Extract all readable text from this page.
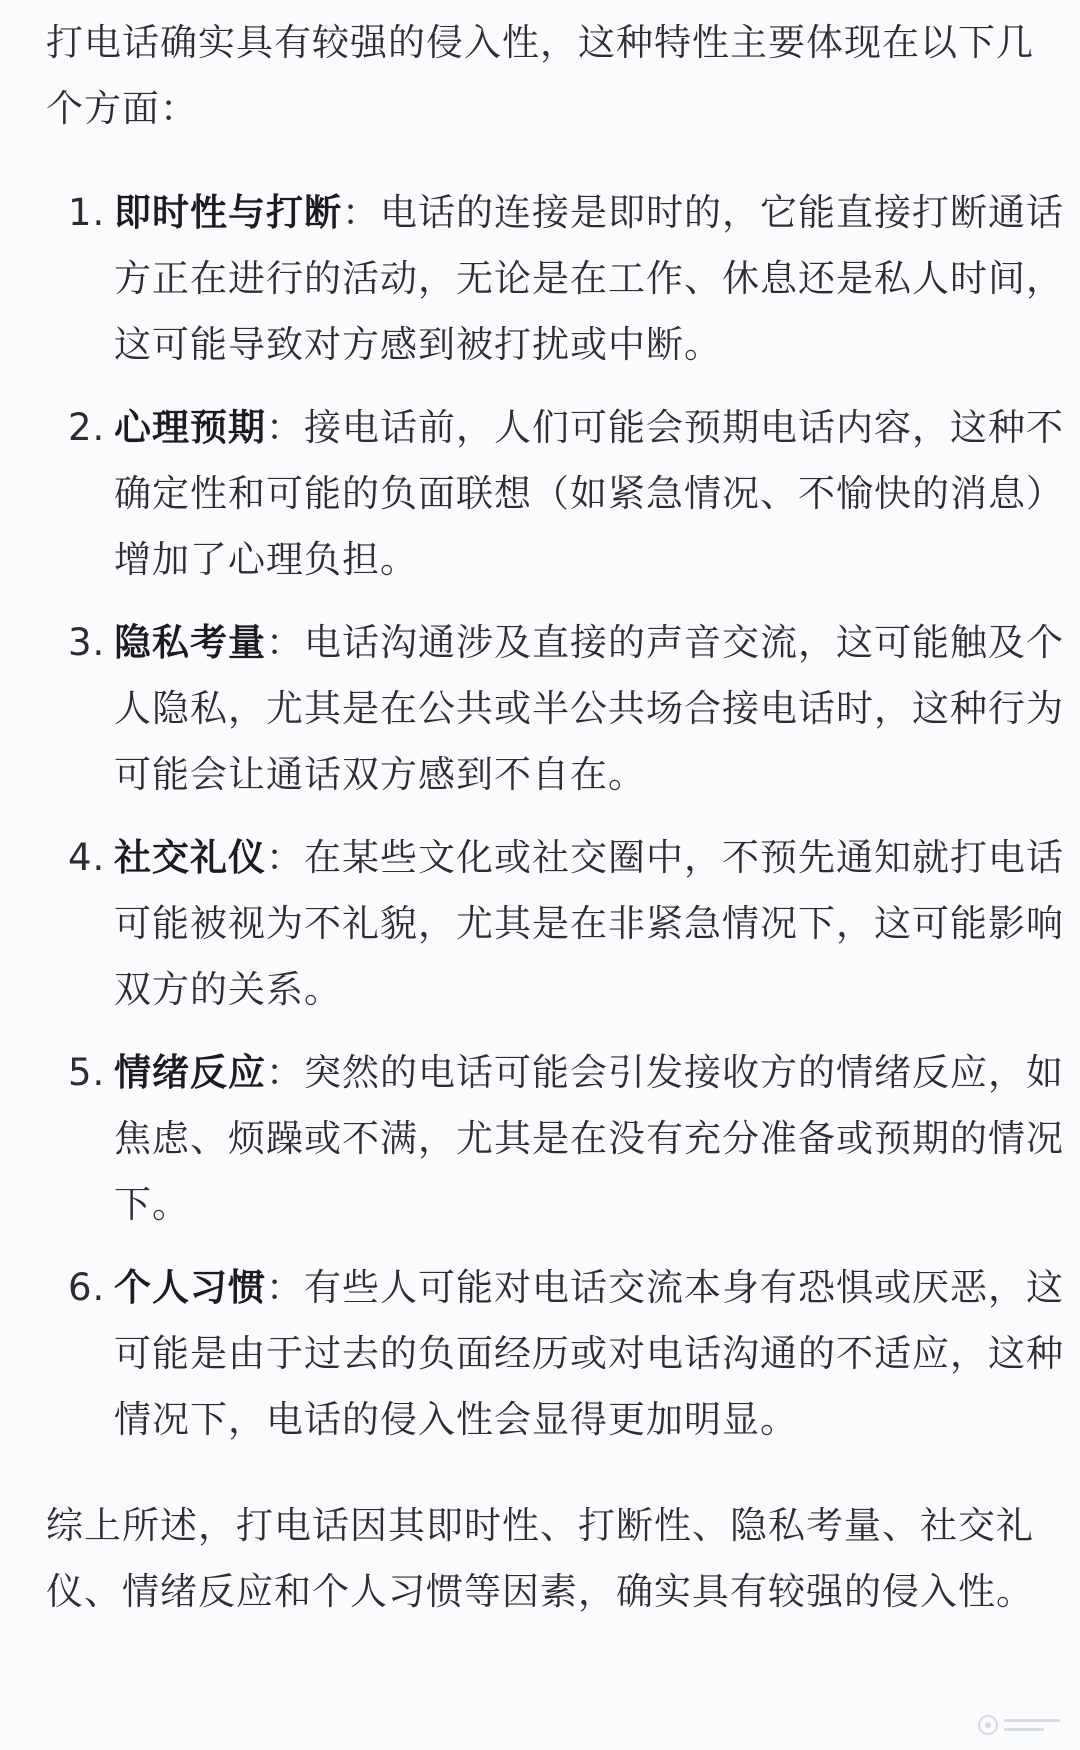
打电话确实具有较强的侵入性，这种特性主要体现在以下几个方面：

1. 即时性与打断：电话的连接是即时的，它能直接打断通话方正在进行的活动，无论是在工作、休息还是私人时间，这可能导致对方感到被打扰或中断。
2. 心理预期：接电话前，人们可能会预期电话内容，这种不确定性和可能的负面联想（如紧急情况、不愉快的消息）增加了心理负担。
3. 隐私考量：电话沟通涉及直接的声音交流，这可能触及个人隐私，尤其是在公共或半公共场合接电话时，这种行为可能会让通话双方感到不自在。
4. 社交礼仪：在某些文化或社交圈中，不预先通知就打电话可能被视为不礼貌，尤其是在非紧急情况下，这可能影响双方的关系。
5. 情绪反应：突然的电话可能会引发接收方的情绪反应，如焦虑、烦躁或不满，尤其是在没有充分准备或预期的情况下。
6. 个人习惯：有些人可能对电话交流本身有恐惧或厌恶，这可能是由于过去的负面经历或对电话沟通的不适应，这种情况下，电话的侵入性会显得更加明显。

综上所述，打电话因其即时性、打断性、隐私考量、社交礼仪、情绪反应和个人习惯等因素，确实具有较强的侵入性。
